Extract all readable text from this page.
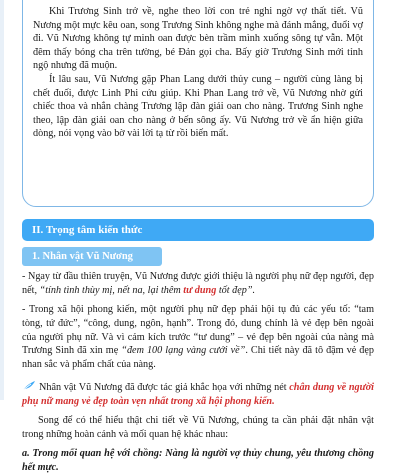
Khi Trương Sinh trở về, nghe theo lời con trẻ nghi ngờ vợ thất tiết. Vũ Nương một mực kêu oan, song Trương Sinh không nghe mà đánh mắng, đuổi vợ đi. Vũ Nương không tự minh oan được bèn trầm mình xuống sông tự vẫn. Một đêm thấy bóng cha trên tường, bé Đản gọi cha. Bấy giờ Trương Sinh mới tỉnh ngộ nhưng đã muộn.

Ít lâu sau, Vũ Nương gặp Phan Lang dưới thủy cung – người cùng làng bị chết đuối, được Linh Phi cứu giúp. Khi Phan Lang trở về, Vũ Nương nhờ gửi chiếc thoa và nhắn chàng Trương lập đàn giải oan cho nàng. Trương Sinh nghe theo, lập đàn giải oan cho nàng ở bến sông ấy. Vũ Nương trở về ẩn hiện giữa dòng, nói vọng vào bờ vài lời tạ từ rồi biến mất.

II. Trọng tâm kiến thức
1. Nhân vật Vũ Nương

- Ngay từ đầu thiên truyện, Vũ Nương được giới thiệu là người phụ nữ đẹp người, đẹp nết, “tính tình thùy mị, nết na, lại thêm tư dung tốt đẹp”.

- Trong xã hội phong kiến, một người phụ nữ đẹp phải hội tụ đủ các yếu tố: “tam tòng, tứ đức”, “công, dung, ngôn, hạnh”. Trong đó, dung chính là vẻ đẹp bên ngoài của người phụ nữ. Và vì cảm kích trước “tư dung” – vẻ đẹp bên ngoài của nàng mà Trương Sinh đã xin mẹ “đem 100 lạng vàng cưới về”. Chi tiết này đã tô đậm vẻ đẹp nhan sắc và phẩm chất của nàng.

Nhân vật Vũ Nương đã được tác giả khắc họa với những nét chân dung về người phụ nữ mang vẻ đẹp toàn vẹn nhất trong xã hội phong kiến.

Song để có thể hiểu thật chi tiết về Vũ Nương, chúng ta cần phải đặt nhân vật trong những hoàn cảnh và mối quan hệ khác nhau:

a. Trong mối quan hệ với chồng: Nàng là người vợ thủy chung, yêu thương chồng hết mực.
